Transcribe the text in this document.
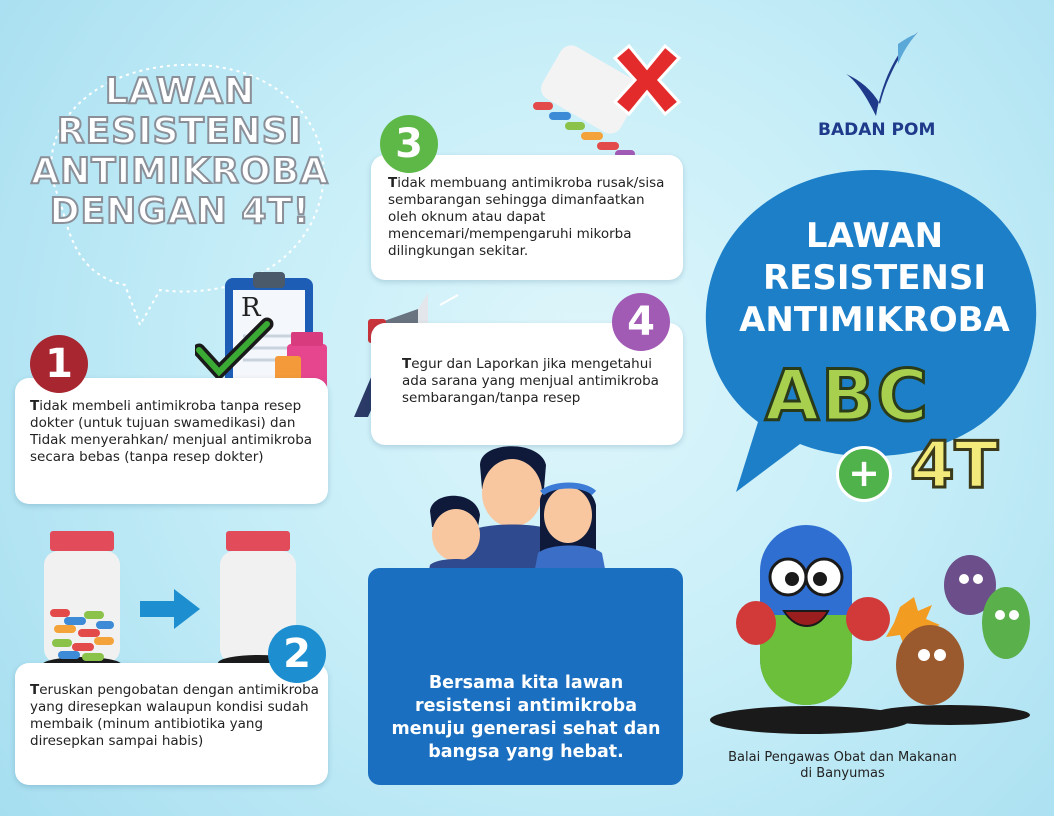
LAWAN
RESISTENSI
ANTIMIKROBA
DENGAN 4T!
BADAN POM
R
1
Tidak membeli antimikroba tanpa resep dokter (untuk tujuan swamedikasi) dan Tidak menyerahkan/ menjual antimikroba secara bebas (tanpa resep dokter)
2
Teruskan pengobatan dengan antimikroba yang diresepkan walaupun kondisi sudah membaik (minum antibiotika yang diresepkan sampai habis)
3
Tidak membuang antimikroba rusak/sisa sembarangan sehingga dimanfaatkan oleh oknum atau dapat mencemari/mempengaruhi mikorba dilingkungan sekitar.
4
Tegur dan Laporkan jika mengetahui ada sarana yang menjual antimikroba sembarangan/tanpa resep
Bersama kita lawan resistensi antimikroba menuju generasi sehat dan bangsa yang hebat.
LAWAN
RESISTENSI
ANTIMIKROBA
ABC
+ 4T
Balai Pengawas Obat dan Makanan
di Banyumas
